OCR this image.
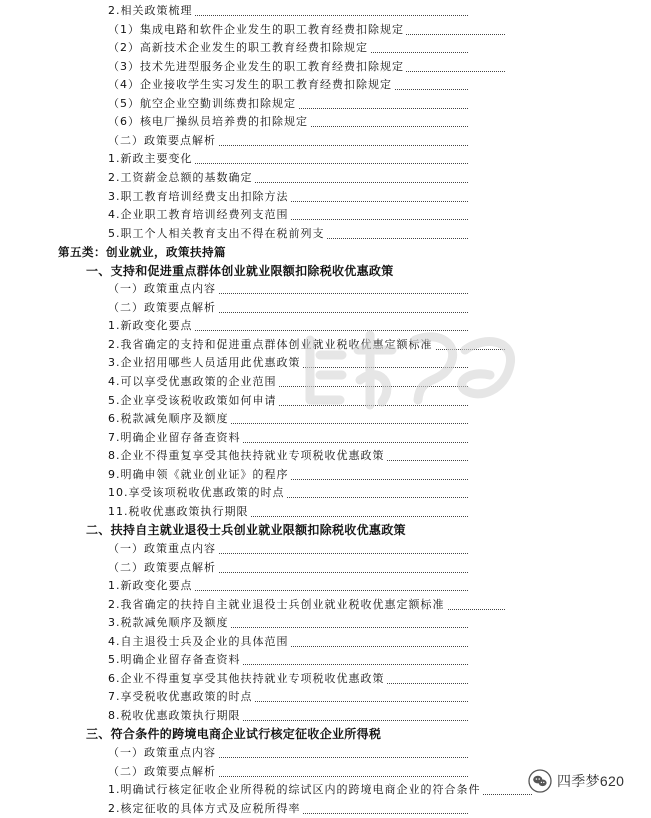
2.相关政策梳理
（1）集成电路和软件企业发生的职工教育经费扣除规定
（2）高新技术企业发生的职工教育经费扣除规定
（3）技术先进型服务企业发生的职工教育经费扣除规定
（4）企业接收学生实习发生的职工教育经费扣除规定
（5）航空企业空勤训练费扣除规定
（6）核电厂操纵员培养费的扣除规定
（二）政策要点解析
1.新政主要变化
2.工资薪金总额的基数确定
3.职工教育培训经费支出扣除方法
4.企业职工教育培训经费列支范围
5.职工个人相关教育支出不得在税前列支
第五类：创业就业，政策扶持篇
一、支持和促进重点群体创业就业限额扣除税收优惠政策
（一）政策重点内容
（二）政策要点解析
1.新政变化要点
2.我省确定的支持和促进重点群体创业就业税收优惠定额标准
3.企业招用哪些人员适用此优惠政策
4.可以享受优惠政策的企业范围
5.企业享受该税收政策如何申请
6.税款减免顺序及额度
7.明确企业留存备查资料
8.企业不得重复享受其他扶持就业专项税收优惠政策
9.明确申领《就业创业证》的程序
10.享受该项税收优惠政策的时点
11.税收优惠政策执行期限
二、扶持自主就业退役士兵创业就业限额扣除税收优惠政策
（一）政策重点内容
（二）政策要点解析
1.新政变化要点
2.我省确定的扶持自主就业退役士兵创业就业税收优惠定额标准
3.税款减免顺序及额度
4.自主退役士兵及企业的具体范围
5.明确企业留存备查资料
6.企业不得重复享受其他扶持就业专项税收优惠政策
7.享受税收优惠政策的时点
8.税收优惠政策执行期限
三、符合条件的跨境电商企业试行核定征收企业所得税
（一）政策重点内容
（二）政策要点解析
1.明确试行核定征收企业所得税的综试区内的跨境电商企业的符合条件
2.核定征收的具体方式及应税所得率
四季梦620
